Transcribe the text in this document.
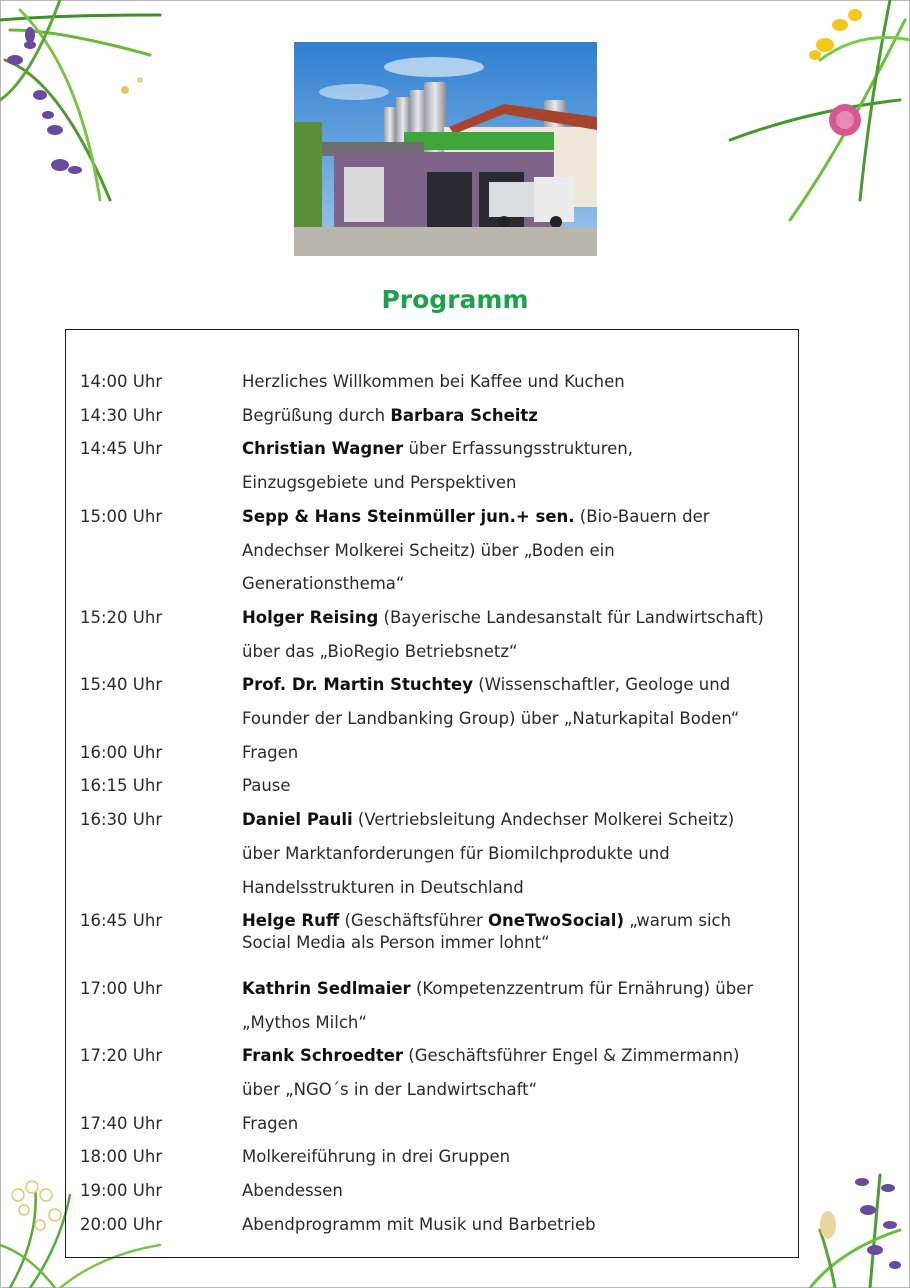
Programm
14:00 Uhr	Herzliches Willkommen bei Kaffee und Kuchen
14:30 Uhr	Begrüßung durch Barbara Scheitz
14:45 Uhr	Christian Wagner über Erfassungsstrukturen,
Einzugsgebiete und Perspektiven
15:00 Uhr	Sepp & Hans Steinmüller jun.+ sen. (Bio-Bauern der
Andechser Molkerei Scheitz) über „Boden ein
Generationsthema“
15:20 Uhr	Holger Reising (Bayerische Landesanstalt für Landwirtschaft)
über das „BioRegio Betriebsnetz“
15:40 Uhr	Prof. Dr. Martin Stuchtey (Wissenschaftler, Geologe und
Founder der Landbanking Group) über „Naturkapital Boden“
16:00 Uhr	Fragen
16:15 Uhr	Pause
16:30 Uhr	Daniel Pauli (Vertriebsleitung Andechser Molkerei Scheitz)
über Marktanforderungen für Biomilchprodukte und
Handelsstrukturen in Deutschland
16:45 Uhr	Helge Ruff (Geschäftsführer OneTwoSocial) „warum sich
Social Media als Person immer lohnt“
17:00 Uhr	Kathrin Sedlmaier (Kompetenzzentrum für Ernährung) über
„Mythos Milch“
17:20 Uhr	Frank Schroedter (Geschäftsführer Engel & Zimmermann)
über „NGO´s in der Landwirtschaft“
17:40 Uhr	Fragen
18:00 Uhr	Molkereiführung in drei Gruppen
19:00 Uhr	Abendessen
20:00 Uhr	Abendprogramm mit Musik und Barbetrieb
